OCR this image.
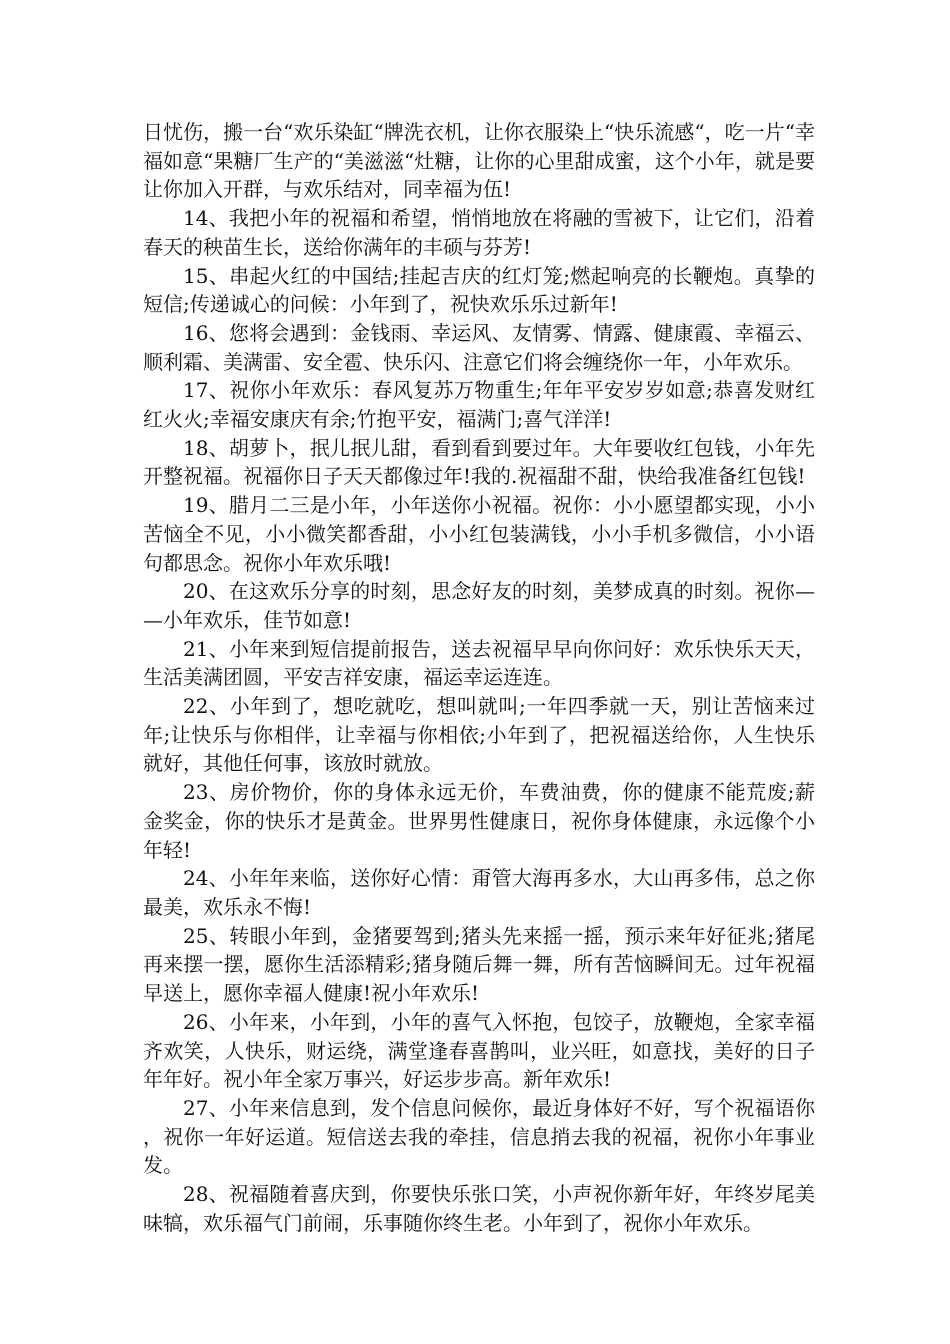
日忧伤，搬一台“欢乐染缸“牌洗衣机，让你衣服染上“快乐流感“，吃一片“幸福如意“果糖厂生产的“美滋滋“灶糖，让你的心里甜成蜜，这个小年，就是要让你加入开群，与欢乐结对，同幸福为伍!

14、我把小年的祝福和希望，悄悄地放在将融的雪被下，让它们，沿着春天的秧苗生长，送给你满年的丰硕与芬芳!

15、串起火红的中国结;挂起吉庆的红灯笼;燃起响亮的长鞭炮。真挚的短信;传递诚心的问候：小年到了，祝快欢乐乐过新年!

16、您将会遇到：金钱雨、幸运风、友情雾、情露、健康霞、幸福云、顺利霜、美满雷、安全雹、快乐闪、注意它们将会缠绕你一年，小年欢乐。

17、祝你小年欢乐：春风复苏万物重生;年年平安岁岁如意;恭喜发财红红火火;幸福安康庆有余;竹抱平安，福满门;喜气洋洋!

18、胡萝卜，抿儿抿儿甜，看到看到要过年。大年要收红包钱，小年先开整祝福。祝福你日子天天都像过年!我的.祝福甜不甜，快给我准备红包钱!

19、腊月二三是小年，小年送你小祝福。祝你：小小愿望都实现，小小苦恼全不见，小小微笑都香甜，小小红包装满钱，小小手机多微信，小小语句都思念。祝你小年欢乐哦!

20、在这欢乐分享的时刻，思念好友的时刻，美梦成真的时刻。祝你——小年欢乐，佳节如意!

21、小年来到短信提前报告，送去祝福早早向你问好：欢乐快乐天天，生活美满团圆，平安吉祥安康，福运幸运连连。

22、小年到了，想吃就吃，想叫就叫;一年四季就一天，别让苦恼来过年;让快乐与你相伴，让幸福与你相依;小年到了，把祝福送给你，人生快乐就好，其他任何事，该放时就放。

23、房价物价，你的身体永远无价，车费油费，你的健康不能荒废;薪金奖金，你的快乐才是黄金。世界男性健康日，祝你身体健康，永远像个小年轻!

24、小年年来临，送你好心情：甭管大海再多水，大山再多伟，总之你最美，欢乐永不悔!

25、转眼小年到，金猪要驾到;猪头先来摇一摇，预示来年好征兆;猪尾再来摆一摆，愿你生活添精彩;猪身随后舞一舞，所有苦恼瞬间无。过年祝福早送上，愿你幸福人健康!祝小年欢乐!

26、小年来，小年到，小年的喜气入怀抱，包饺子，放鞭炮，全家幸福齐欢笑，人快乐，财运绕，满堂逢春喜鹊叫，业兴旺，如意找，美好的日子年年好。祝小年全家万事兴，好运步步高。新年欢乐!

27、小年来信息到，发个信息问候你，最近身体好不好，写个祝福语你，祝你一年好运道。短信送去我的牵挂，信息捎去我的祝福，祝你小年事业发。

28、祝福随着喜庆到，你要快乐张口笑，小声祝你新年好，年终岁尾美味犒，欢乐福气门前闹，乐事随你终生老。小年到了，祝你小年欢乐。
